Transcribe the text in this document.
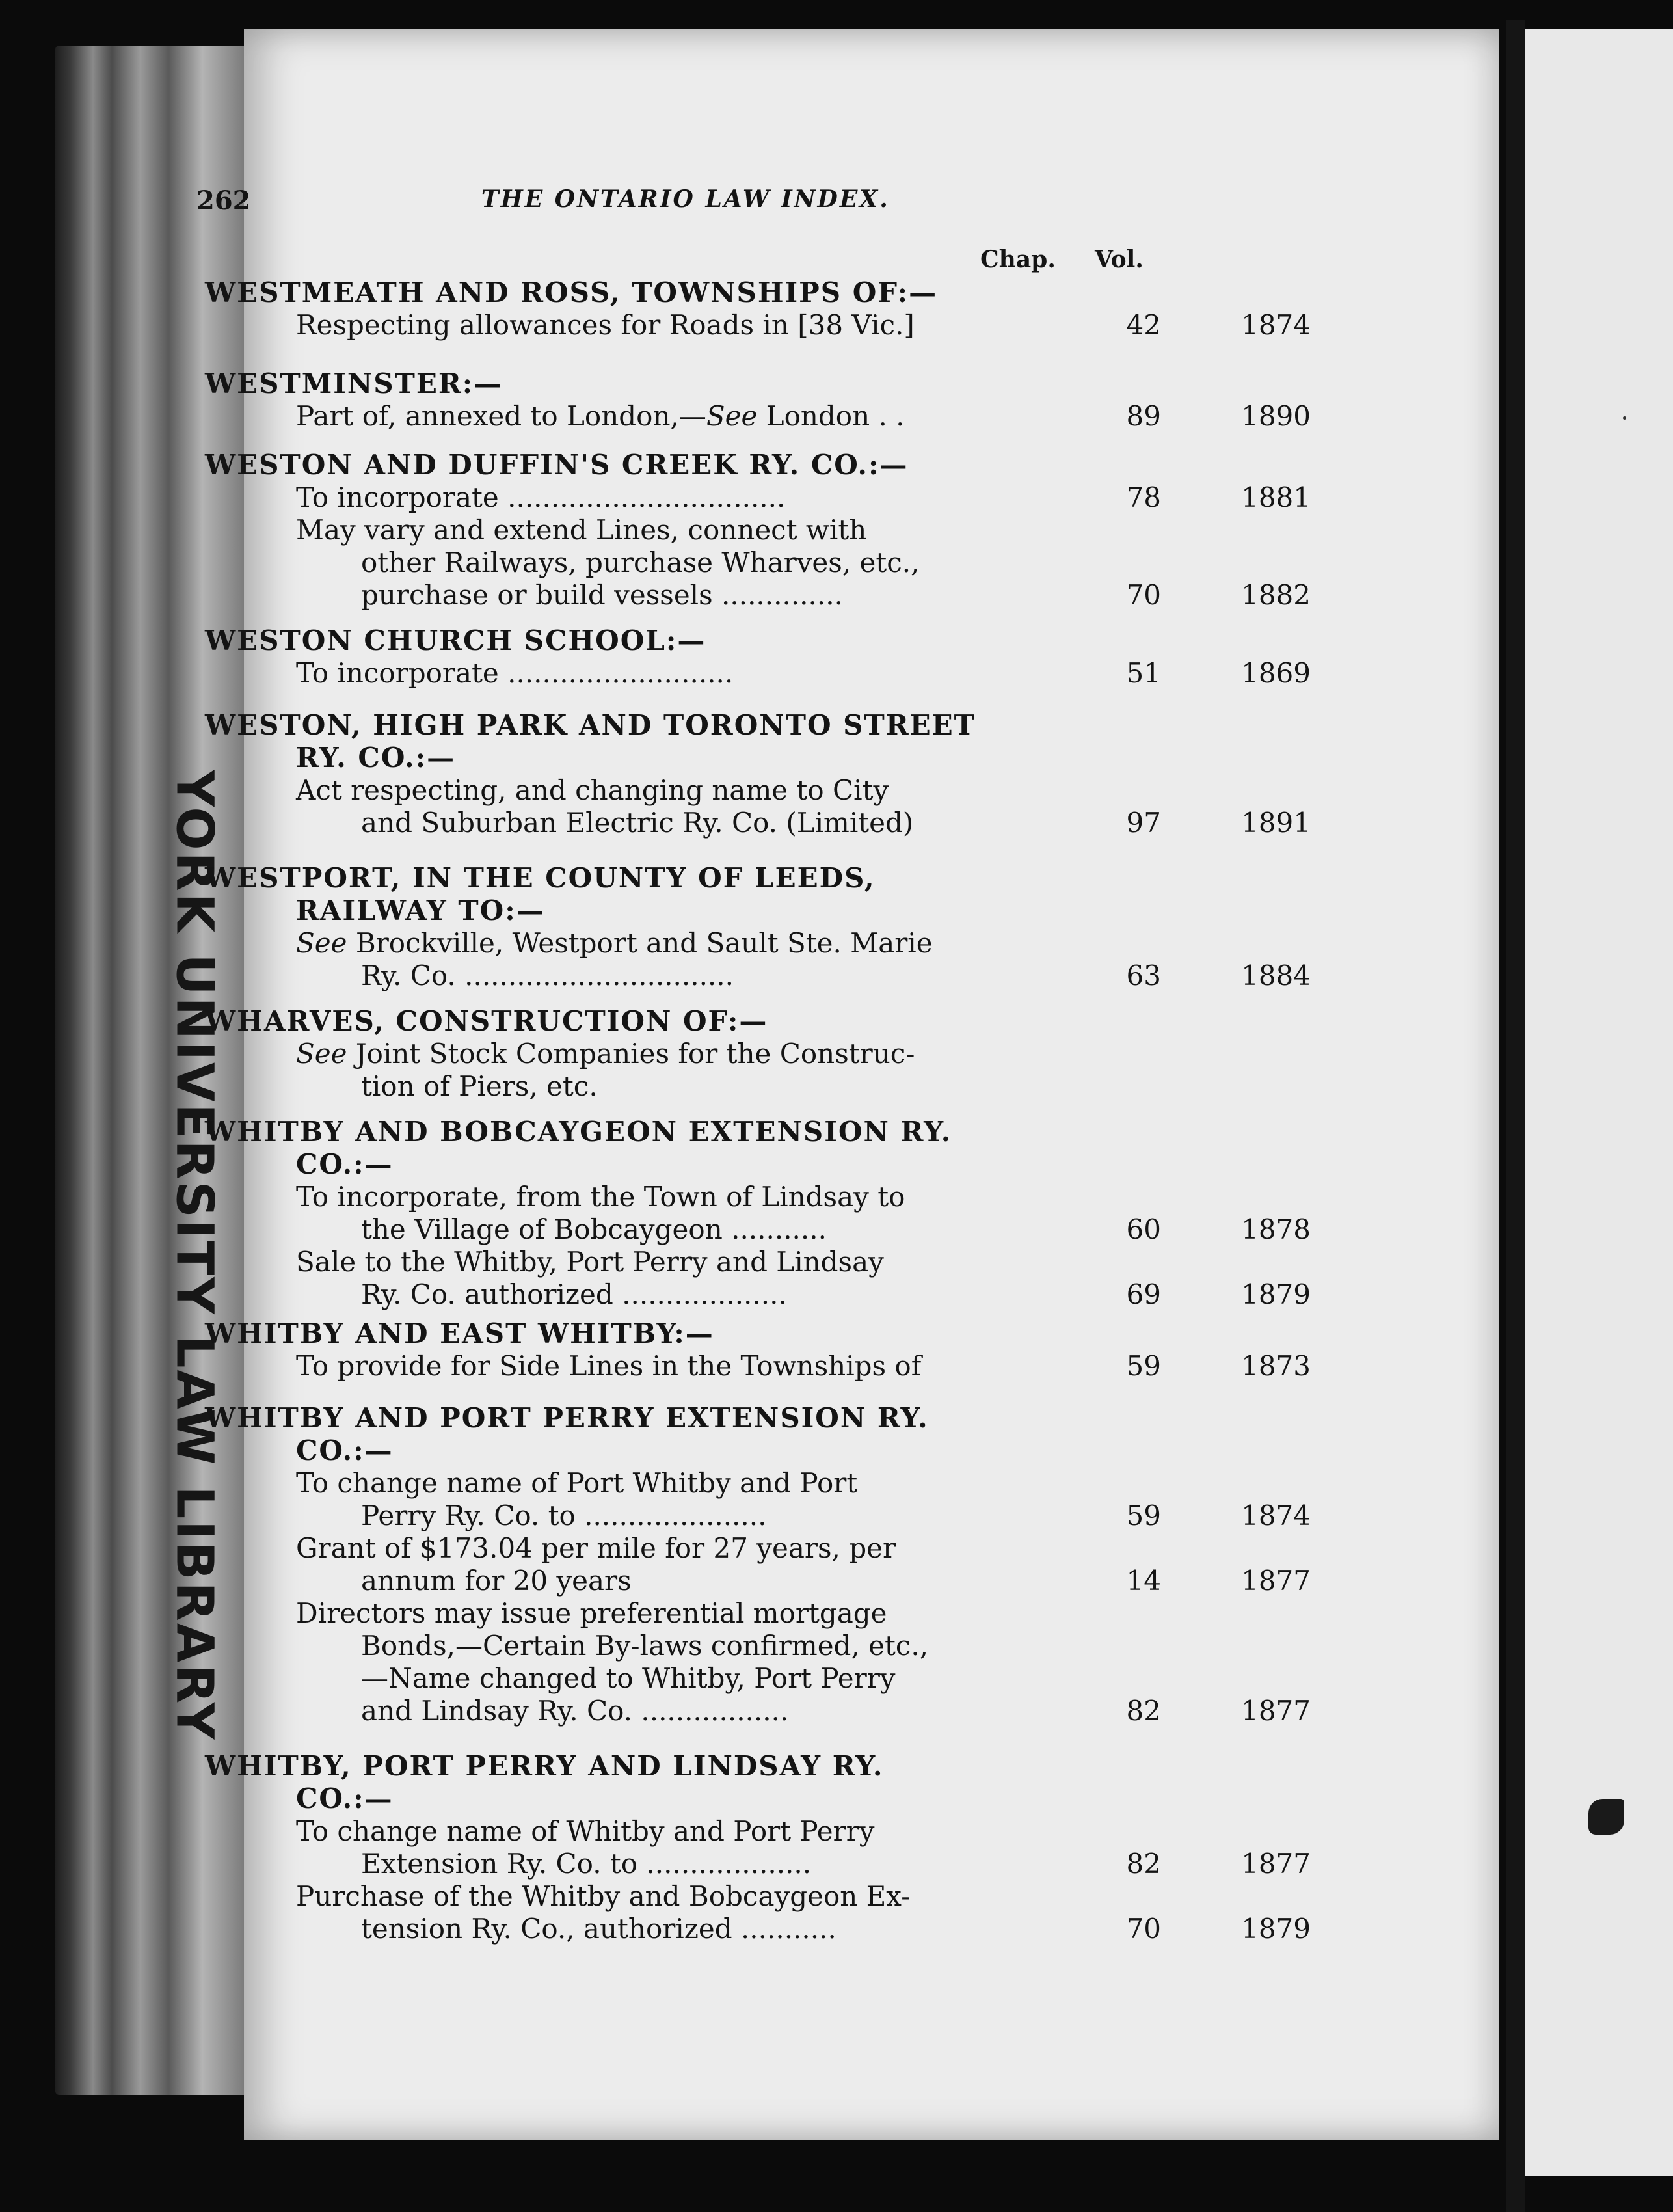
YORK UNIVERSITY LAW LIBRARY
262	THE ONTARIO LAW INDEX.
Chap. Vol.
WESTMEATH AND ROSS, TOWNSHIPS OF:—
Respecting allowances for Roads in [38 Vic.]	42	1874
WESTMINSTER:—
Part of, annexed to London,—See London . .	89	1890
WESTON AND DUFFIN'S CREEK RY. CO.:—
To incorporate ................................	78	1881
May vary and extend Lines, connect with
other Railways, purchase Wharves, etc.,
purchase or build vessels ..............	70	1882
WESTON CHURCH SCHOOL:—
To incorporate ..........................	51	1869
WESTON, HIGH PARK AND TORONTO STREET
RY. CO.:—
Act respecting, and changing name to City
and Suburban Electric Ry. Co. (Limited)	97	1891
WESTPORT, IN THE COUNTY OF LEEDS,
RAILWAY TO:—
See Brockville, Westport and Sault Ste. Marie
Ry. Co. ...............................	63	1884
WHARVES, CONSTRUCTION OF:—
See Joint Stock Companies for the Construc-
tion of Piers, etc.
WHITBY AND BOBCAYGEON EXTENSION RY.
CO.:—
To incorporate, from the Town of Lindsay to
the Village of Bobcaygeon ...........	60	1878
Sale to the Whitby, Port Perry and Lindsay
Ry. Co. authorized ...................	69	1879
WHITBY AND EAST WHITBY:—
To provide for Side Lines in the Townships of	59	1873
WHITBY AND PORT PERRY EXTENSION RY.
CO.:—
To change name of Port Whitby and Port
Perry Ry. Co. to .....................	59	1874
Grant of $173.04 per mile for 27 years, per
annum for 20 years	14	1877
Directors may issue preferential mortgage
Bonds,—Certain By-laws confirmed, etc.,
—Name changed to Whitby, Port Perry
and Lindsay Ry. Co. .................	82	1877
WHITBY, PORT PERRY AND LINDSAY RY.
CO.:—
To change name of Whitby and Port Perry
Extension Ry. Co. to ...................	82	1877
Purchase of the Whitby and Bobcaygeon Ex-
tension Ry. Co., authorized ...........	70	1879
